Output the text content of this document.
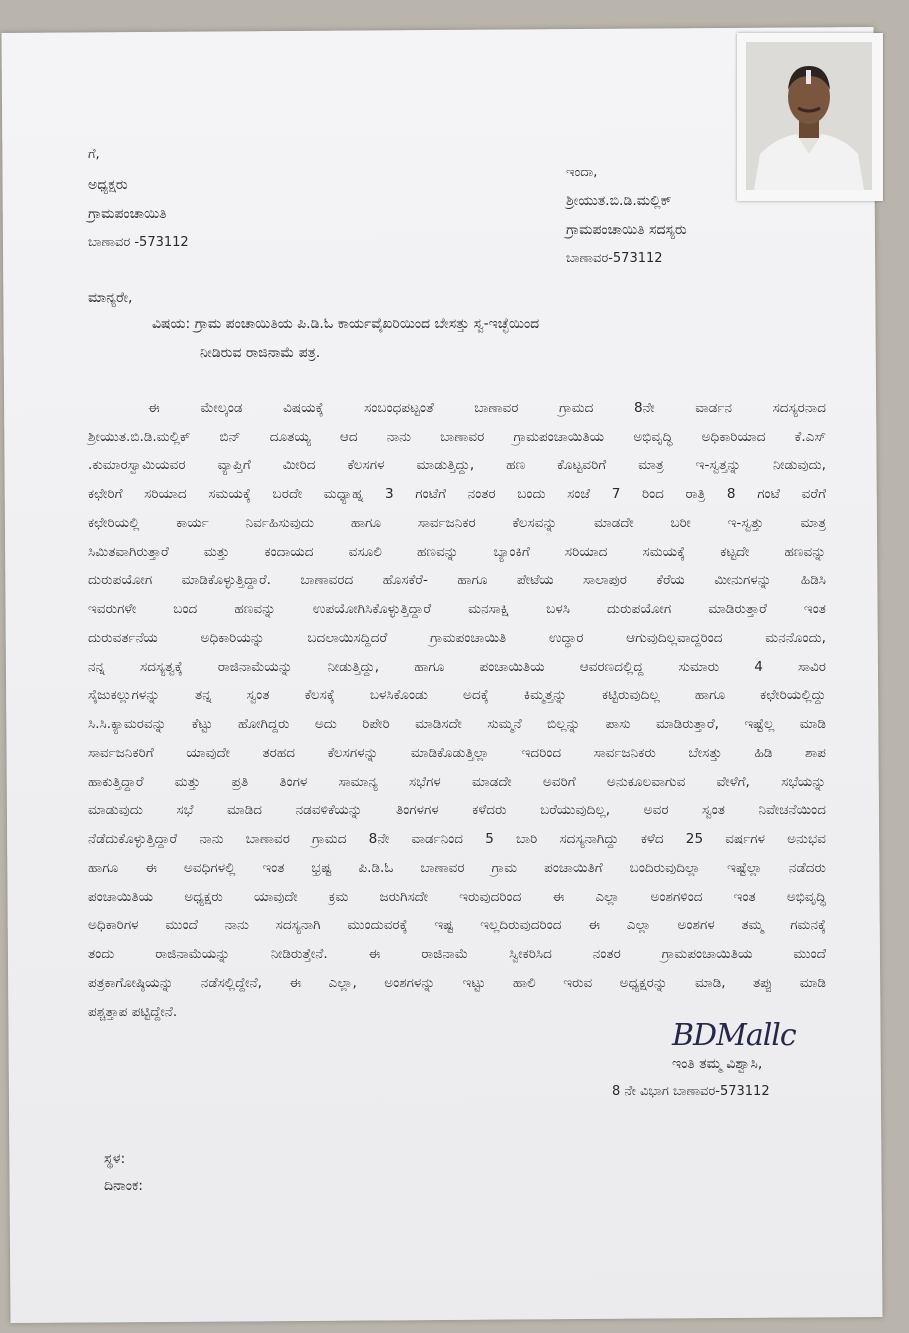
ಗೆ,
ಅಧ್ಯಕ್ಷರು
ಗ್ರಾಮಪಂಚಾಯಿತಿ
ಬಾಣಾವರ -573112
ಇಂದಾ,
ಶ್ರೀಯುತ.ಬಿ.ಡಿ.ಮಲ್ಲಿಕ್
ಗ್ರಾಮಪಂಚಾಯಿತಿ ಸದಸ್ಯರು
ಬಾಣಾವರ-573112
ಮಾನ್ಯರೇ,
ವಿಷಯ: ಗ್ರಾಮ ಪಂಚಾಯಿತಿಯ ಪಿ.ಡಿ.ಓ ಕಾರ್ಯವೈಖರಿಯಿಂದ ಬೇಸತ್ತು ಸ್ವ-ಇಚ್ಛೆಯಿಂದ
ನೀಡಿರುವ ರಾಜಿನಾಮೆ ಪತ್ರ.
ಈ ಮೇಲ್ಕಂಡ ವಿಷಯಕ್ಕೆ ಸಂಬಂಧಪಟ್ಟಂತೆ ಬಾಣಾವರ ಗ್ರಾಮದ 8ನೇ ವಾರ್ಡನ ಸದಸ್ಯರನಾದ
ಶ್ರೀಯುತ.ಬಿ.ಡಿ.ಮಲ್ಲಿಕ್ ಬಿನ್ ದೂತಯ್ಯ ಆದ ನಾನು ಬಾಣಾವರ ಗ್ರಾಮಪಂಚಾಯಿತಿಯ ಅಭಿವೃದ್ಧಿ ಅಧಿಕಾರಿಯಾದ ಕೆ.ಎಸ್
.ಕುಮಾರಸ್ವಾಮಿಯವರ ವ್ಯಾಪ್ತಿಗೆ ಮೀರಿದ ಕೆಲಸಗಳ ಮಾಡುತ್ತಿದ್ದು, ಹಣ ಕೊಟ್ಟವರಿಗೆ ಮಾತ್ರ ಇ-ಸ್ವತ್ತನ್ನು ನೀಡುವುದು,
ಕಛೇರಿಗೆ ಸರಿಯಾದ ಸಮಯಕ್ಕೆ ಬರದೇ ಮಧ್ಯಾಹ್ನ 3 ಗಂಟೆಗೆ ನಂತರ ಬಂದು ಸಂಜೆ 7 ರಿಂದ ರಾತ್ರಿ 8 ಗಂಟೆ ವರೆಗೆ
ಕಛೇರಿಯಲ್ಲಿ ಕಾರ್ಯ ನಿರ್ವಹಿಸುವುದು ಹಾಗೂ ಸಾರ್ವಜನಿಕರ ಕೆಲಸವನ್ನು ಮಾಡದೇ ಬರೀ ಇ-ಸ್ವತ್ತು ಮಾತ್ರ
ಸಿಮಿತವಾಗಿರುತ್ತಾರೆ ಮತ್ತು ಕಂದಾಯದ ವಸೂಲಿ ಹಣವನ್ನು ಬ್ಯಾಂಕಿಗೆ ಸರಿಯಾದ ಸಮಯಕ್ಕೆ ಕಟ್ಟದೇ ಹಣವನ್ನು
ದುರುಪಯೋಗ ಮಾಡಿಕೊಳ್ಳುತ್ತಿದ್ದಾರೆ. ಬಾಣಾವರದ ಹೊಸಕೆರೆ- ಹಾಗೂ ಪೇಟೆಯ ಸಾಲಾಪುರ ಕೆರೆಯ ಮೀನುಗಳನ್ನು ಹಿಡಿಸಿ
ಇವರುಗಳೇ ಬಂದ ಹಣವನ್ನು ಉಪಯೋಗಿಸಿಕೊಳ್ಳುತ್ತಿದ್ದಾರೆ ಮನಸಾಕ್ಷಿ ಬಳಸಿ ದುರುಪಯೋಗ ಮಾಡಿರುತ್ತಾರೆ ಇಂತ
ದುರುವರ್ತನೆಯ ಅಧಿಕಾರಿಯನ್ನು ಬದಲಾಯಿಸದ್ದಿದರೆ ಗ್ರಾಮಪಂಚಾಯಿತಿ ಉದ್ಧಾರ ಆಗುವುದಿಲ್ಲವಾದ್ದರಿಂದ ಮನನೊಂದು,
ನನ್ನ ಸದಸ್ಯತ್ವಕ್ಕೆ ರಾಜಿನಾಮೆಯನ್ನು ನೀಡುತ್ತಿದ್ದು, ಹಾಗೂ ಪಂಚಾಯಿತಿಯ ಆವರಣದಲ್ಲಿದ್ದ ಸುಮಾರು 4 ಸಾವಿರ
ಸೈಜುಕಲ್ಲುಗಳನ್ನು ತನ್ನ ಸ್ವಂತ ಕೆಲಸಕ್ಕೆ ಬಳಸಿಕೊಂಡು ಅದಕ್ಕೆ ಕಿಮ್ಮತ್ತನ್ನು ಕಟ್ಟಿರುವುದಿಲ್ಲ ಹಾಗೂ ಕಛೇರಿಯಲ್ಲಿದ್ದು
ಸಿ.ಸಿ.ಕ್ಯಾಮರವನ್ನು ಕೆಟ್ಟು ಹೋಗಿದ್ದರು ಅದು ರಿಪೇರಿ ಮಾಡಿಸದೇ ಸುಮ್ಮನೆ ಬಿಲ್ಲನ್ನು ಪಾಸು ಮಾಡಿರುತ್ತಾರೆ, ಇಷ್ಟೆಲ್ಲ ಮಾಡಿ
ಸಾರ್ವಜನಿಕರಿಗೆ ಯಾವುದೇ ತರಹದ ಕೆಲಸಗಳನ್ನು ಮಾಡಿಕೊಡುತ್ತಿಲ್ಲಾ ಇದರಿಂದ ಸಾರ್ವಜನಿಕರು ಬೇಸತ್ತು ಹಿಡಿ ಶಾಪ
ಹಾಕುತ್ತಿದ್ದಾರೆ ಮತ್ತು ಪ್ರತಿ ತಿಂಗಳ ಸಾಮಾನ್ಯ ಸಭೆಗಳ ಮಾಡದೇ ಅವರಿಗೆ ಅನುಕೂಲವಾಗುವ ವೇಳೆಗೆ, ಸಭೆಯನ್ನು
ಮಾಡುವುದು ಸಭೆ ಮಾಡಿದ ನಡವಳಿಕೆಯನ್ನು ತಿಂಗಳಗಳ ಕಳೆದರು ಬರೆಯುವುದಿಲ್ಲ, ಅವರ ಸ್ವಂತ ನಿವೇಚನೆಯಿಂದ
ನೆಡೆದುಕೊಳ್ಳುತ್ತಿದ್ದಾರೆ ನಾನು ಬಾಣಾವರ ಗ್ರಾಮದ 8ನೇ ವಾರ್ಡನಿಂದ 5 ಬಾರಿ ಸದಸ್ಯನಾಗಿದ್ದು ಕಳೆದ 25 ವರ್ಷಗಳ ಅನುಭವ
ಹಾಗೂ ಈ ಅವಧಿಗಳಲ್ಲಿ ಇಂತ ಭ್ರಷ್ಟ ಪಿ.ಡಿ.ಓ ಬಾಣಾವರ ಗ್ರಾಮ ಪಂಚಾಯಿತಿಗೆ ಬಂದಿರುವುದಿಲ್ಲಾ ಇಷ್ಟೆಲ್ಲಾ ನಡೆದರು
ಪಂಚಾಯಿತಿಯ ಅಧ್ಯಕ್ಷರು ಯಾವುದೇ ಕ್ರಮ ಜರುಗಿಸದೇ ಇರುವುದರಿಂದ ಈ ಎಲ್ಲಾ ಅಂಶಗಳಿಂದ ಇಂತ ಅಭಿವೃದ್ಧಿ
ಅಧಿಕಾರಿಗಳ ಮುಂದೆ ನಾನು ಸದಸ್ಯನಾಗಿ ಮುಂದುವರಕ್ಕೆ ಇಷ್ಟ ಇಲ್ಲದಿರುವುದರಿಂದ ಈ ಎಲ್ಲಾ ಅಂಶಗಳ ತಮ್ಮ ಗಮನಕ್ಕೆ
ತಂದು ರಾಜಿನಾಮೆಯನ್ನು ನೀಡಿರುತ್ತೇನೆ. ಈ ರಾಜಿನಾಮೆ ಸ್ವೀಕರಿಸಿದ ನಂತರ ಗ್ರಾಮಪಂಚಾಯಿತಿಯ ಮುಂದೆ
ಪತ್ರಕಾಗೋಷ್ಠಿಯನ್ನು ನಡೆಸಲ್ಲಿದ್ದೇನೆ, ಈ ಎಲ್ಲಾ, ಅಂಶಗಳನ್ನು ಇಟ್ಟು ಹಾಲಿ ಇರುವ ಅಧ್ಯಕ್ಷರನ್ನು ಮಾಡಿ, ತಪ್ಪು ಮಾಡಿ
ಪಶ್ಚತ್ತಾಪ ಪಟ್ಟಿದ್ದೇನೆ.
BDMallc
ಇಂತಿ ತಮ್ಮ ವಿಶ್ವಾಸಿ,
8 ನೇ ವಿಭಾಗ ಬಾಣಾವರ-573112
ಸ್ಥಳ:
ದಿನಾಂಕ:
